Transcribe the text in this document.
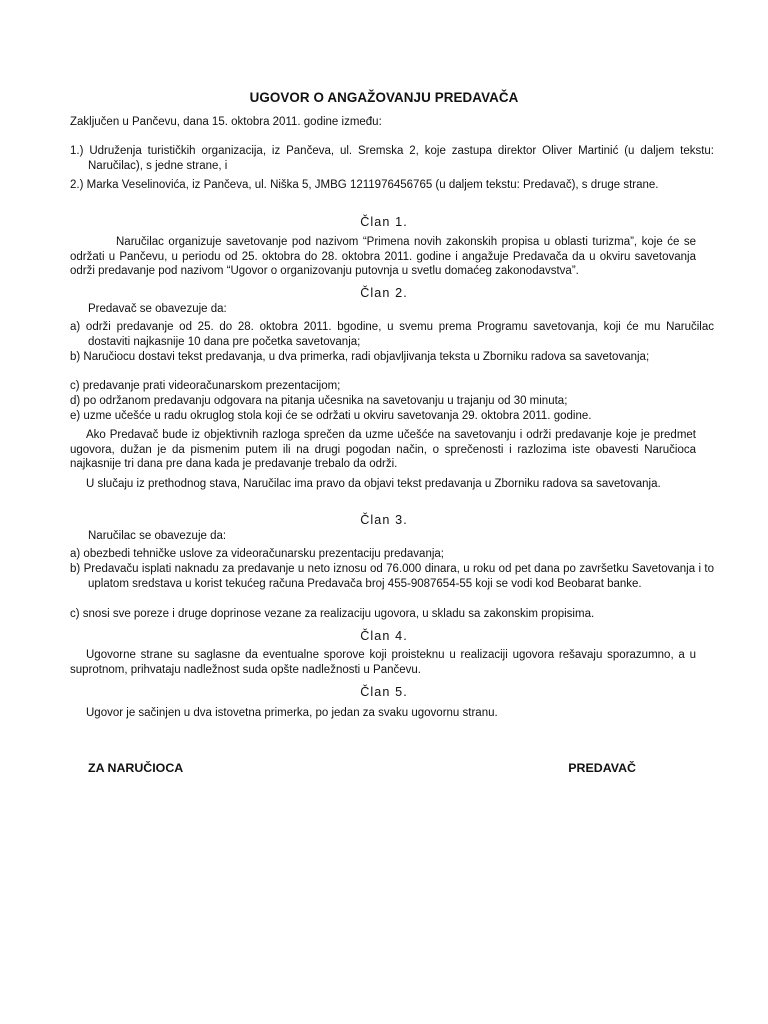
UGOVOR O ANGAŽOVANJU PREDAVAČA
Zaključen u Pančevu, dana 15. oktobra 2011. godine između:
1.) Udruženja turističkih organizacija, iz Pančeva, ul. Sremska 2, koje zastupa direktor Oliver Martinić (u daljem tekstu: Naručilac), s jedne strane, i
2.) Marka Veselinovića, iz Pančeva, ul. Niška 5, JMBG 1211976456765 (u daljem tekstu: Predavač), s druge strane.
Član 1.
Naručilac organizuje savetovanje pod nazivom “Primena novih zakonskih propisa u oblasti turizma”, koje će se održati u Pančevu, u periodu od 25. oktobra do 28. oktobra 2011. godine i angažuje Predavača da u okviru savetovanja održi predavanje pod nazivom “Ugovor o organizovanju putovnja u svetlu domaćeg zakonodavstva”.
Član 2.
Predavač se obavezuje da:
a) održi predavanje od 25. do 28. oktobra 2011. bgodine, u svemu prema Programu savetovanja, koji će mu Naručilac dostaviti najkasnije 10 dana pre početka savetovanja;
b) Naručiocu dostavi tekst predavanja, u dva primerka, radi objavljivanja teksta u Zborniku radova sa savetovanja;
c) predavanje prati videoračunarskom prezentacijom;
d) po održanom predavanju odgovara na pitanja učesnika na savetovanju u trajanju od 30 minuta;
e) uzme učešće u radu okruglog stola koji će se održati u okviru savetovanja 29. oktobra 2011. godine.
Ako Predavač bude iz objektivnih razloga sprečen da uzme učešće na savetovanju i održi predavanje koje je predmet ugovora, dužan je da pismenim putem ili na drugi pogodan način, o sprečenosti i razlozima iste obavesti Naručioca najkasnije tri dana pre dana kada je predavanje trebalo da održi.
U slučaju iz prethodnog stava, Naručilac ima pravo da objavi tekst predavanja u Zborniku radova sa savetovanja.
Član 3.
Naručilac se obavezuje da:
a) obezbedi tehničke uslove za videoračunarsku prezentaciju predavanja;
b) Predavaču isplati naknadu za predavanje u neto iznosu od 76.000 dinara, u roku od pet dana po završetku Savetovanja i to uplatom sredstava u korist tekućeg računa Predavača broj 455-9087654-55 koji se vodi kod Beobarat banke.
c) snosi sve poreze i druge doprinose vezane za realizaciju ugovora, u skladu sa zakonskim propisima.
Član 4.
Ugovorne strane su saglasne da eventualne sporove koji proisteknu u realizaciji ugovora rešavaju sporazumno, a u suprotnom, prihvataju nadležnost suda opšte nadležnosti u Pančevu.
Član 5.
Ugovor je sačinjen u dva istovetna primerka, po jedan za svaku ugovornu stranu.
ZA NARUČIOCA	PREDAVAČ
